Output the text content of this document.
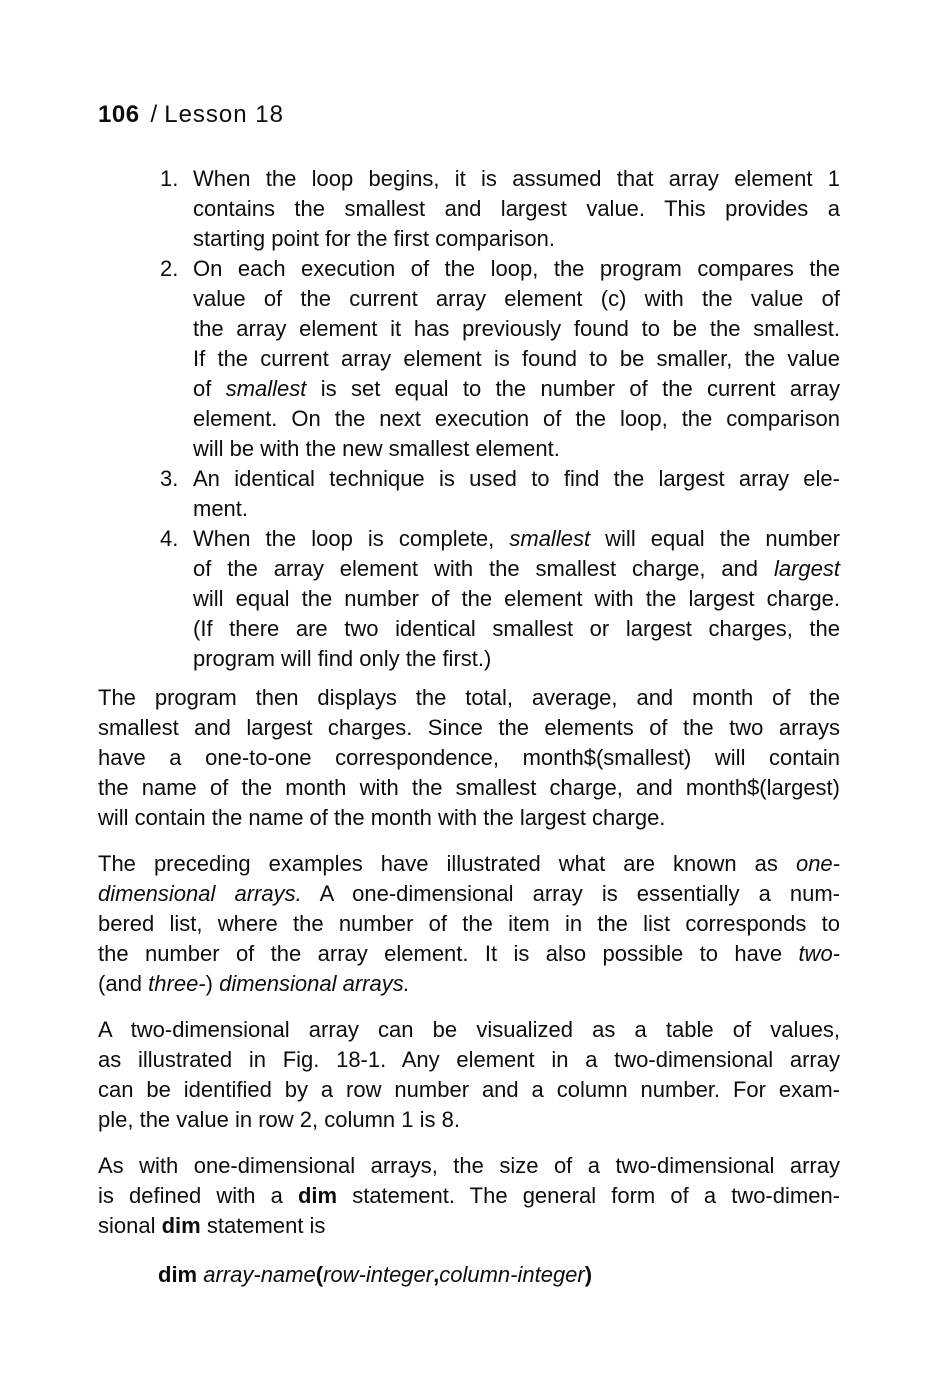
106 / Lesson 18
1. When the loop begins, it is assumed that array element 1
contains the smallest and largest value. This provides a
starting point for the first comparison.
2. On each execution of the loop, the program compares the
value of the current array element (c) with the value of
the array element it has previously found to be the smallest.
If the current array element is found to be smaller, the value
of smallest is set equal to the number of the current array
element. On the next execution of the loop, the comparison
will be with the new smallest element.
3. An identical technique is used to find the largest array ele-
ment.
4. When the loop is complete, smallest will equal the number
of the array element with the smallest charge, and largest
will equal the number of the element with the largest charge.
(If there are two identical smallest or largest charges, the
program will find only the first.)
The program then displays the total, average, and month of the
smallest and largest charges. Since the elements of the two arrays
have a one-to-one correspondence, month$(smallest) will contain
the name of the month with the smallest charge, and month$(largest)
will contain the name of the month with the largest charge.
The preceding examples have illustrated what are known as one-
dimensional arrays. A one-dimensional array is essentially a num-
bered list, where the number of the item in the list corresponds to
the number of the array element. It is also possible to have two-
(and three-) dimensional arrays.
A two-dimensional array can be visualized as a table of values,
as illustrated in Fig. 18-1. Any element in a two-dimensional array
can be identified by a row number and a column number. For exam-
ple, the value in row 2, column 1 is 8.
As with one-dimensional arrays, the size of a two-dimensional array
is defined with a dim statement. The general form of a two-dimen-
sional dim statement is
dim array-name(row-integer,column-integer)
